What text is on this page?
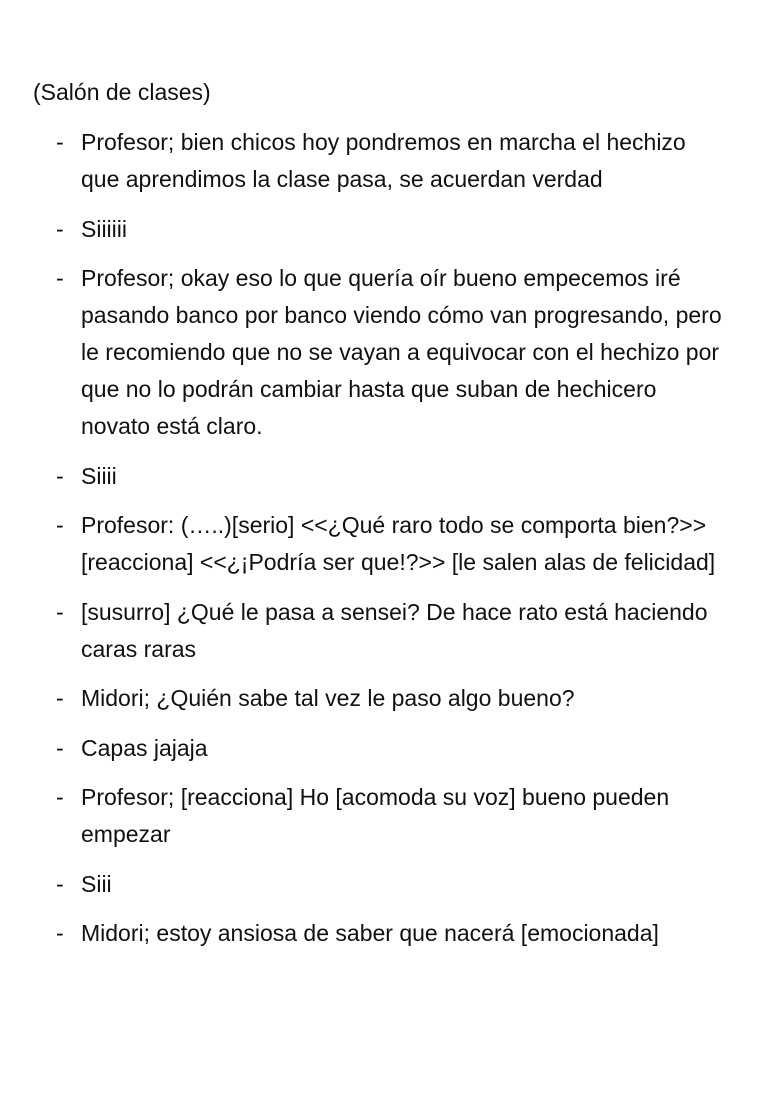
(Salón de clases)
- Profesor; bien chicos hoy pondremos en marcha el hechizo que aprendimos la clase pasa, se acuerdan verdad
- Siiiiii
- Profesor; okay eso lo que quería oír bueno empecemos iré pasando banco por banco viendo cómo van progresando, pero le recomiendo que no se vayan a equivocar con el hechizo por que no lo podrán cambiar hasta que suban de hechicero novato está claro.
- Siiii
- Profesor: (…..)[serio] <<¿Qué raro todo se comporta bien?>> [reacciona] <<¿¡Podría ser que!?>> [le salen alas de felicidad]
- [susurro] ¿Qué le pasa a sensei? De hace rato está haciendo caras raras
- Midori; ¿Quién sabe tal vez le paso algo bueno?
- Capas jajaja
- Profesor; [reacciona] Ho [acomoda su voz] bueno pueden empezar
- Siii
- Midori; estoy ansiosa de saber que nacerá [emocionada]
